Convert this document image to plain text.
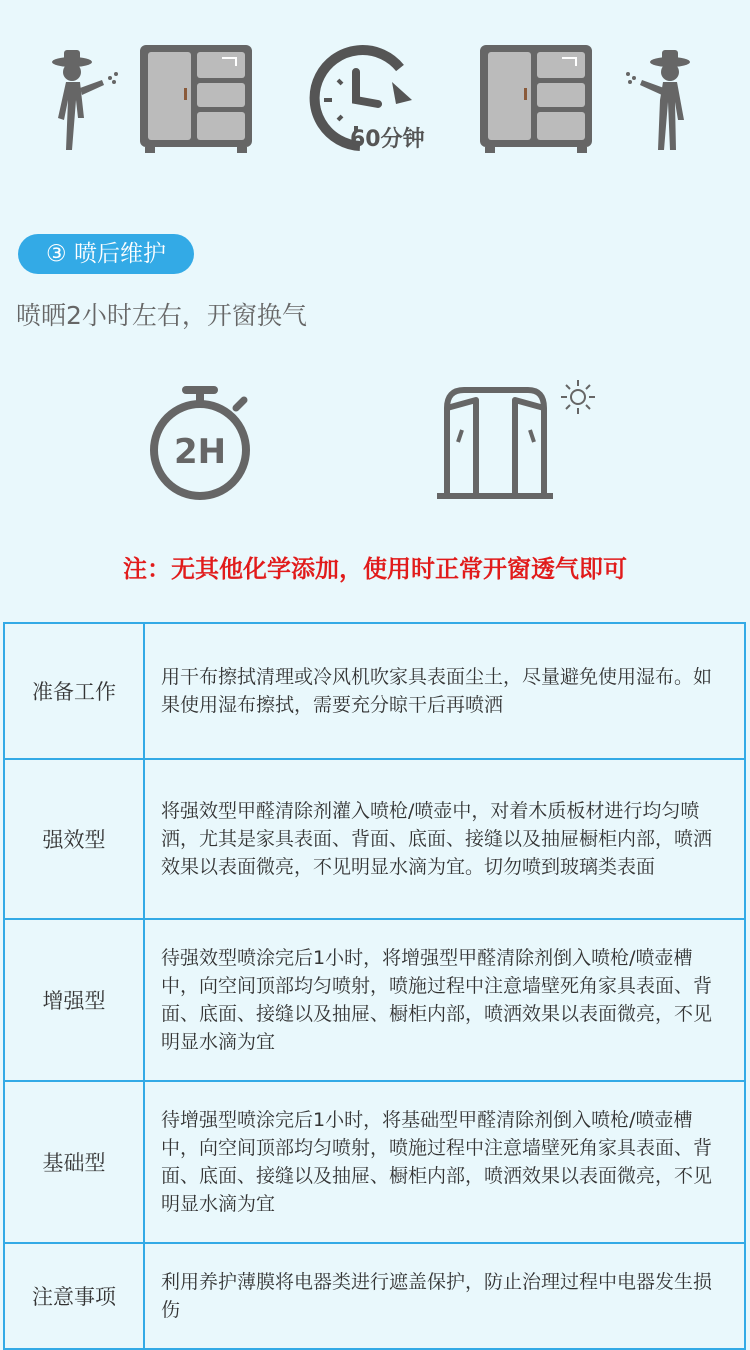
60分钟
③ 喷后维护
喷晒2小时左右，开窗换气
2H
注：无其他化学添加，使用时正常开窗透气即可
准备工作	用干布擦拭清理或冷风机吹家具表面尘土，尽量避免使用湿布。如果使用湿布擦拭，需要充分晾干后再喷洒
强效型	将强效型甲醛清除剂灌入喷枪/喷壶中，对着木质板材进行均匀喷洒，尤其是家具表面、背面、底面、接缝以及抽屉橱柜内部，喷洒效果以表面微亮，不见明显水滴为宜。切勿喷到玻璃类表面
增强型	待强效型喷涂完后1小时，将增强型甲醛清除剂倒入喷枪/喷壶槽中，向空间顶部均匀喷射，喷施过程中注意墙壁死角家具表面、背面、底面、接缝以及抽屉、橱柜内部，喷洒效果以表面微亮，不见明显水滴为宜
基础型	待增强型喷涂完后1小时，将基础型甲醛清除剂倒入喷枪/喷壶槽中，向空间顶部均匀喷射，喷施过程中注意墙壁死角家具表面、背面、底面、接缝以及抽屉、橱柜内部，喷洒效果以表面微亮，不见明显水滴为宜
注意事项	利用养护薄膜将电器类进行遮盖保护，防止治理过程中电器发生损伤
